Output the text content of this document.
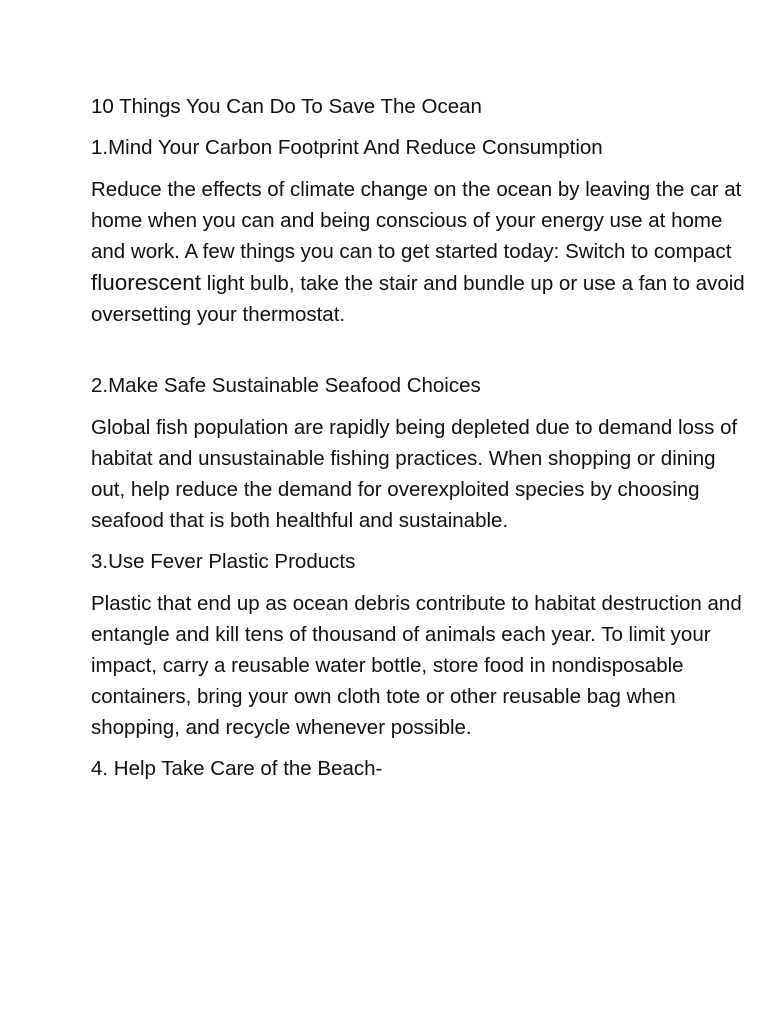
10 Things You Can Do To Save The Ocean
1.Mind Your Carbon Footprint And Reduce Consumption
Reduce the effects of climate change on the ocean by leaving the car at home when you can and being conscious of your energy use at home and work. A few things you can to get started today: Switch to compact fluorescent light bulb, take the stair and bundle up or use a fan to avoid oversetting your thermostat.
2.Make Safe Sustainable Seafood Choices
Global fish population are rapidly being depleted due to demand loss of habitat and unsustainable fishing practices. When shopping or dining out, help reduce the demand for overexploited species by choosing seafood that is both healthful and sustainable.
3.Use Fever Plastic Products
Plastic that end up as ocean debris contribute to habitat destruction and entangle and kill tens of thousand of animals each year. To limit your impact, carry a reusable water bottle, store food in nondisposable containers, bring your own cloth tote or other reusable bag when shopping, and recycle whenever possible.
4. Help Take Care of the Beach-
